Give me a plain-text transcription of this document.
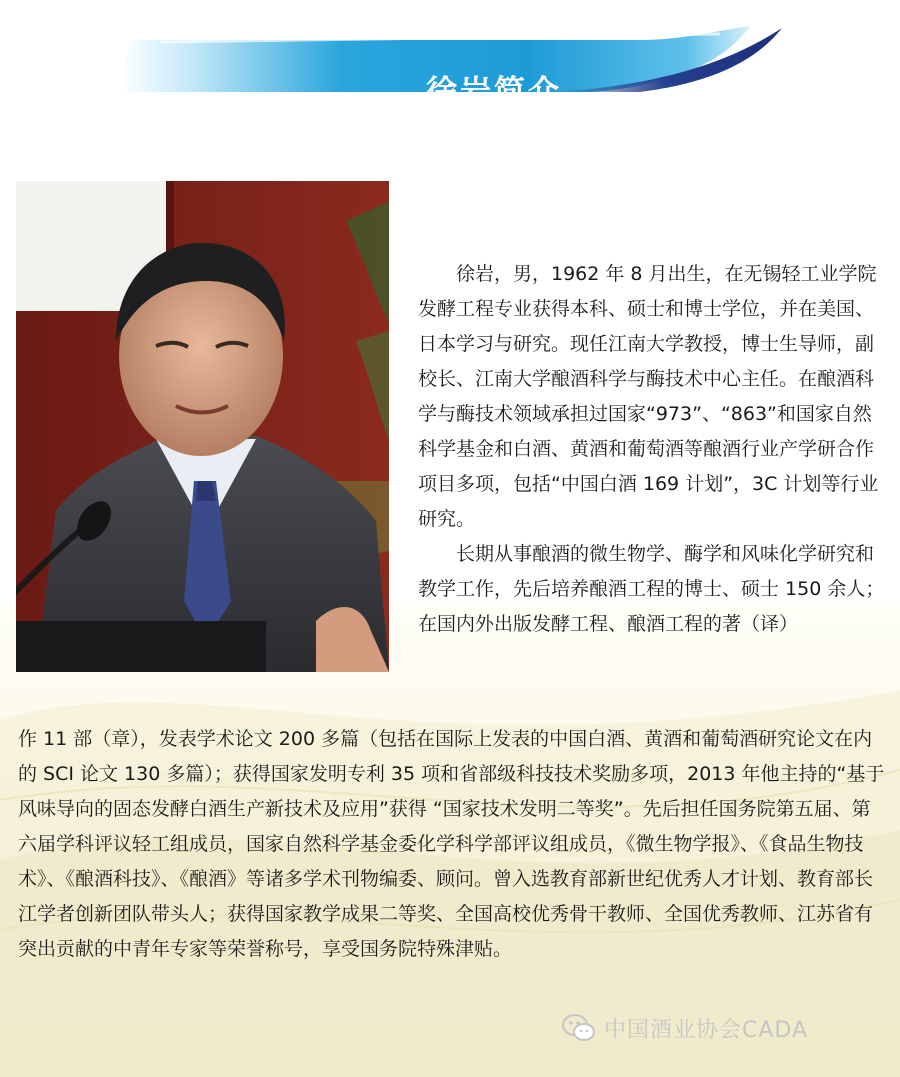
徐岩简介

徐岩，男，1962 年 8 月出生，在无锡轻工业学院发酵工程专业获得本科、硕士和博士学位，并在美国、日本学习与研究。现任江南大学教授，博士生导师，副校长、江南大学酿酒科学与酶技术中心主任。在酿酒科学与酶技术领域承担过国家“973”、“863”和国家自然科学基金和白酒、黄酒和葡萄酒等酿酒行业产学研合作项目多项，包括“中国白酒 169 计划”，3C 计划等行业研究。

长期从事酿酒的微生物学、酶学和风味化学研究和教学工作，先后培养酿酒工程的博士、硕士 150 余人；在国内外出版发酵工程、酿酒工程的著（译）

作 11 部（章），发表学术论文 200 多篇（包括在国际上发表的中国白酒、黄酒和葡萄酒研究论文在内的 SCI 论文 130 多篇）；获得国家发明专利 35 项和省部级科技技术奖励多项，2013 年他主持的“基于风味导向的固态发酵白酒生产新技术及应用”获得 “国家技术发明二等奖”。先后担任国务院第五届、第六届学科评议轻工组成员，国家自然科学基金委化学科学部评议组成员，《微生物学报》、《食品生物技术》、《酿酒科技》、《酿酒》等诸多学术刊物编委、顾问。曾入选教育部新世纪优秀人才计划、教育部长江学者创新团队带头人；获得国家教学成果二等奖、全国高校优秀骨干教师、全国优秀教师、江苏省有突出贡献的中青年专家等荣誉称号，享受国务院特殊津贴。

中国酒业协会CADA
